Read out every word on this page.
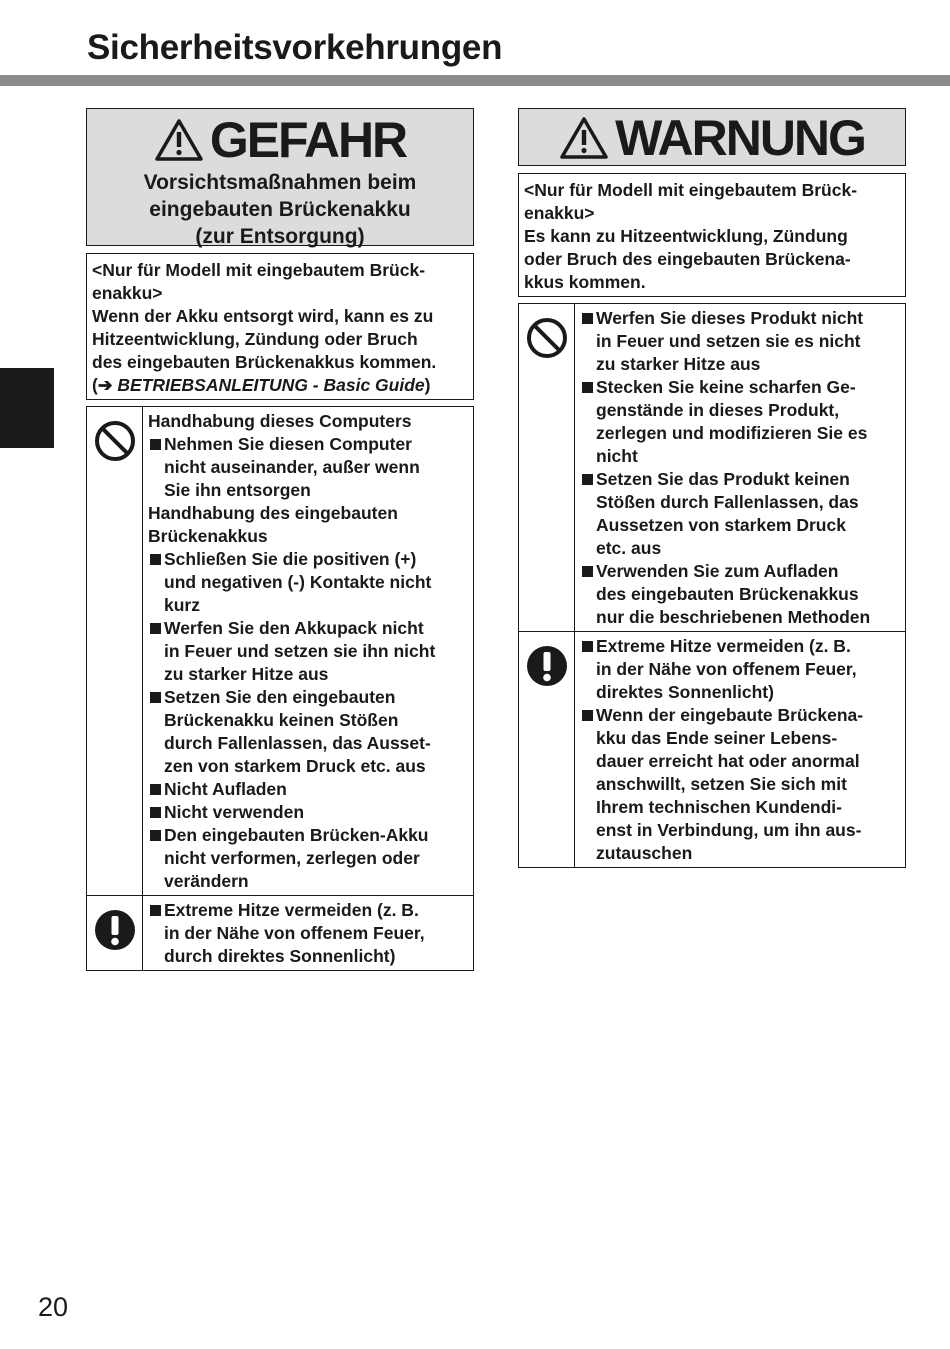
Sicherheitsvorkehrungen
GEFAHR
Vorsichtsmaßnahmen beim
eingebauten Brückenakku
(zur Entsorgung)
<Nur für Modell mit eingebautem Brück-
enakku>
Wenn der Akku entsorgt wird, kann es zu
Hitzeentwicklung, Zündung oder Bruch
des eingebauten Brückenakkus kommen.
(➔ BETRIEBSANLEITUNG - Basic Guide)
Handhabung dieses Computers
Nehmen Sie diesen Computer
nicht auseinander, außer wenn
Sie ihn entsorgen
Handhabung des eingebauten
Brückenakkus
Schließen Sie die positiven (+)
und negativen (-) Kontakte nicht
kurz
Werfen Sie den Akkupack nicht
in Feuer und setzen sie ihn nicht
zu starker Hitze aus
Setzen Sie den eingebauten
Brückenakku keinen Stößen
durch Fallenlassen, das Ausset-
zen von starkem Druck etc. aus
Nicht Aufladen
Nicht verwenden
Den eingebauten Brücken-Akku
nicht verformen, zerlegen oder
verändern
Extreme Hitze vermeiden (z. B.
in der Nähe von offenem Feuer,
durch direktes Sonnenlicht)
WARNUNG
<Nur für Modell mit eingebautem Brück-
enakku>
Es kann zu Hitzeentwicklung, Zündung
oder Bruch des eingebauten Brückena-
kkus kommen.
Werfen Sie dieses Produkt nicht
in Feuer und setzen sie es nicht
zu starker Hitze aus
Stecken Sie keine scharfen Ge-
genstände in dieses Produkt,
zerlegen und modifizieren Sie es
nicht
Setzen Sie das Produkt keinen
Stößen durch Fallenlassen, das
Aussetzen von starkem Druck
etc. aus
Verwenden Sie zum Aufladen
des eingebauten Brückenakkus
nur die beschriebenen Methoden
Extreme Hitze vermeiden (z. B.
in der Nähe von offenem Feuer,
direktes Sonnenlicht)
Wenn der eingebaute Brückena-
kku das Ende seiner Lebens-
dauer erreicht hat oder anormal
anschwillt, setzen Sie sich mit
Ihrem technischen Kundendi-
enst in Verbindung, um ihn aus-
zutauschen
20
